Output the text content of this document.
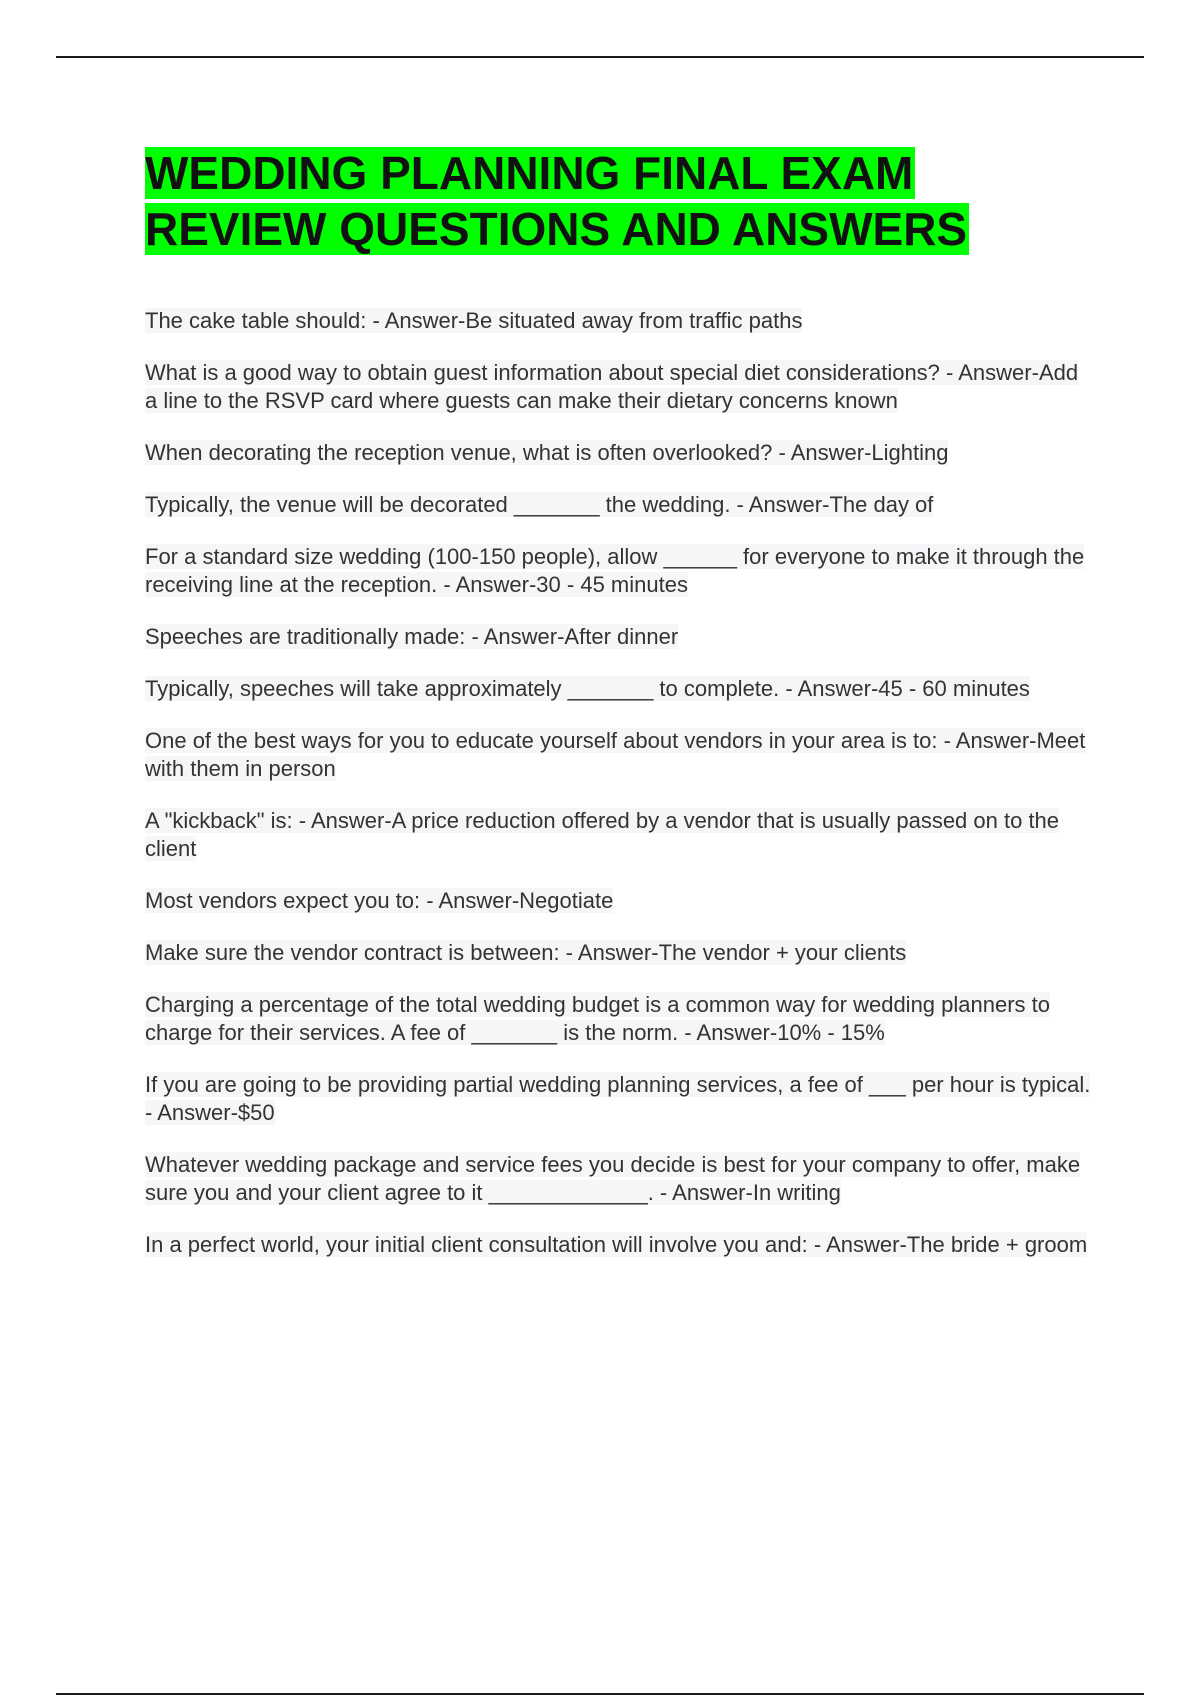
WEDDING PLANNING FINAL EXAM REVIEW QUESTIONS AND ANSWERS
The cake table should: - Answer-Be situated away from traffic paths
What is a good way to obtain guest information about special diet considerations? - Answer-Add a line to the RSVP card where guests can make their dietary concerns known
When decorating the reception venue, what is often overlooked? - Answer-Lighting
Typically, the venue will be decorated _______ the wedding. - Answer-The day of
For a standard size wedding (100-150 people), allow ______ for everyone to make it through the receiving line at the reception. - Answer-30 - 45 minutes
Speeches are traditionally made: - Answer-After dinner
Typically, speeches will take approximately _______ to complete. - Answer-45 - 60 minutes
One of the best ways for you to educate yourself about vendors in your area is to: - Answer-Meet with them in person
A "kickback" is: - Answer-A price reduction offered by a vendor that is usually passed on to the client
Most vendors expect you to: - Answer-Negotiate
Make sure the vendor contract is between: - Answer-The vendor + your clients
Charging a percentage of the total wedding budget is a common way for wedding planners to charge for their services. A fee of _______ is the norm. - Answer-10% - 15%
If you are going to be providing partial wedding planning services, a fee of ___ per hour is typical. - Answer-$50
Whatever wedding package and service fees you decide is best for your company to offer, make sure you and your client agree to it _____________. - Answer-In writing
In a perfect world, your initial client consultation will involve you and: - Answer-The bride + groom
